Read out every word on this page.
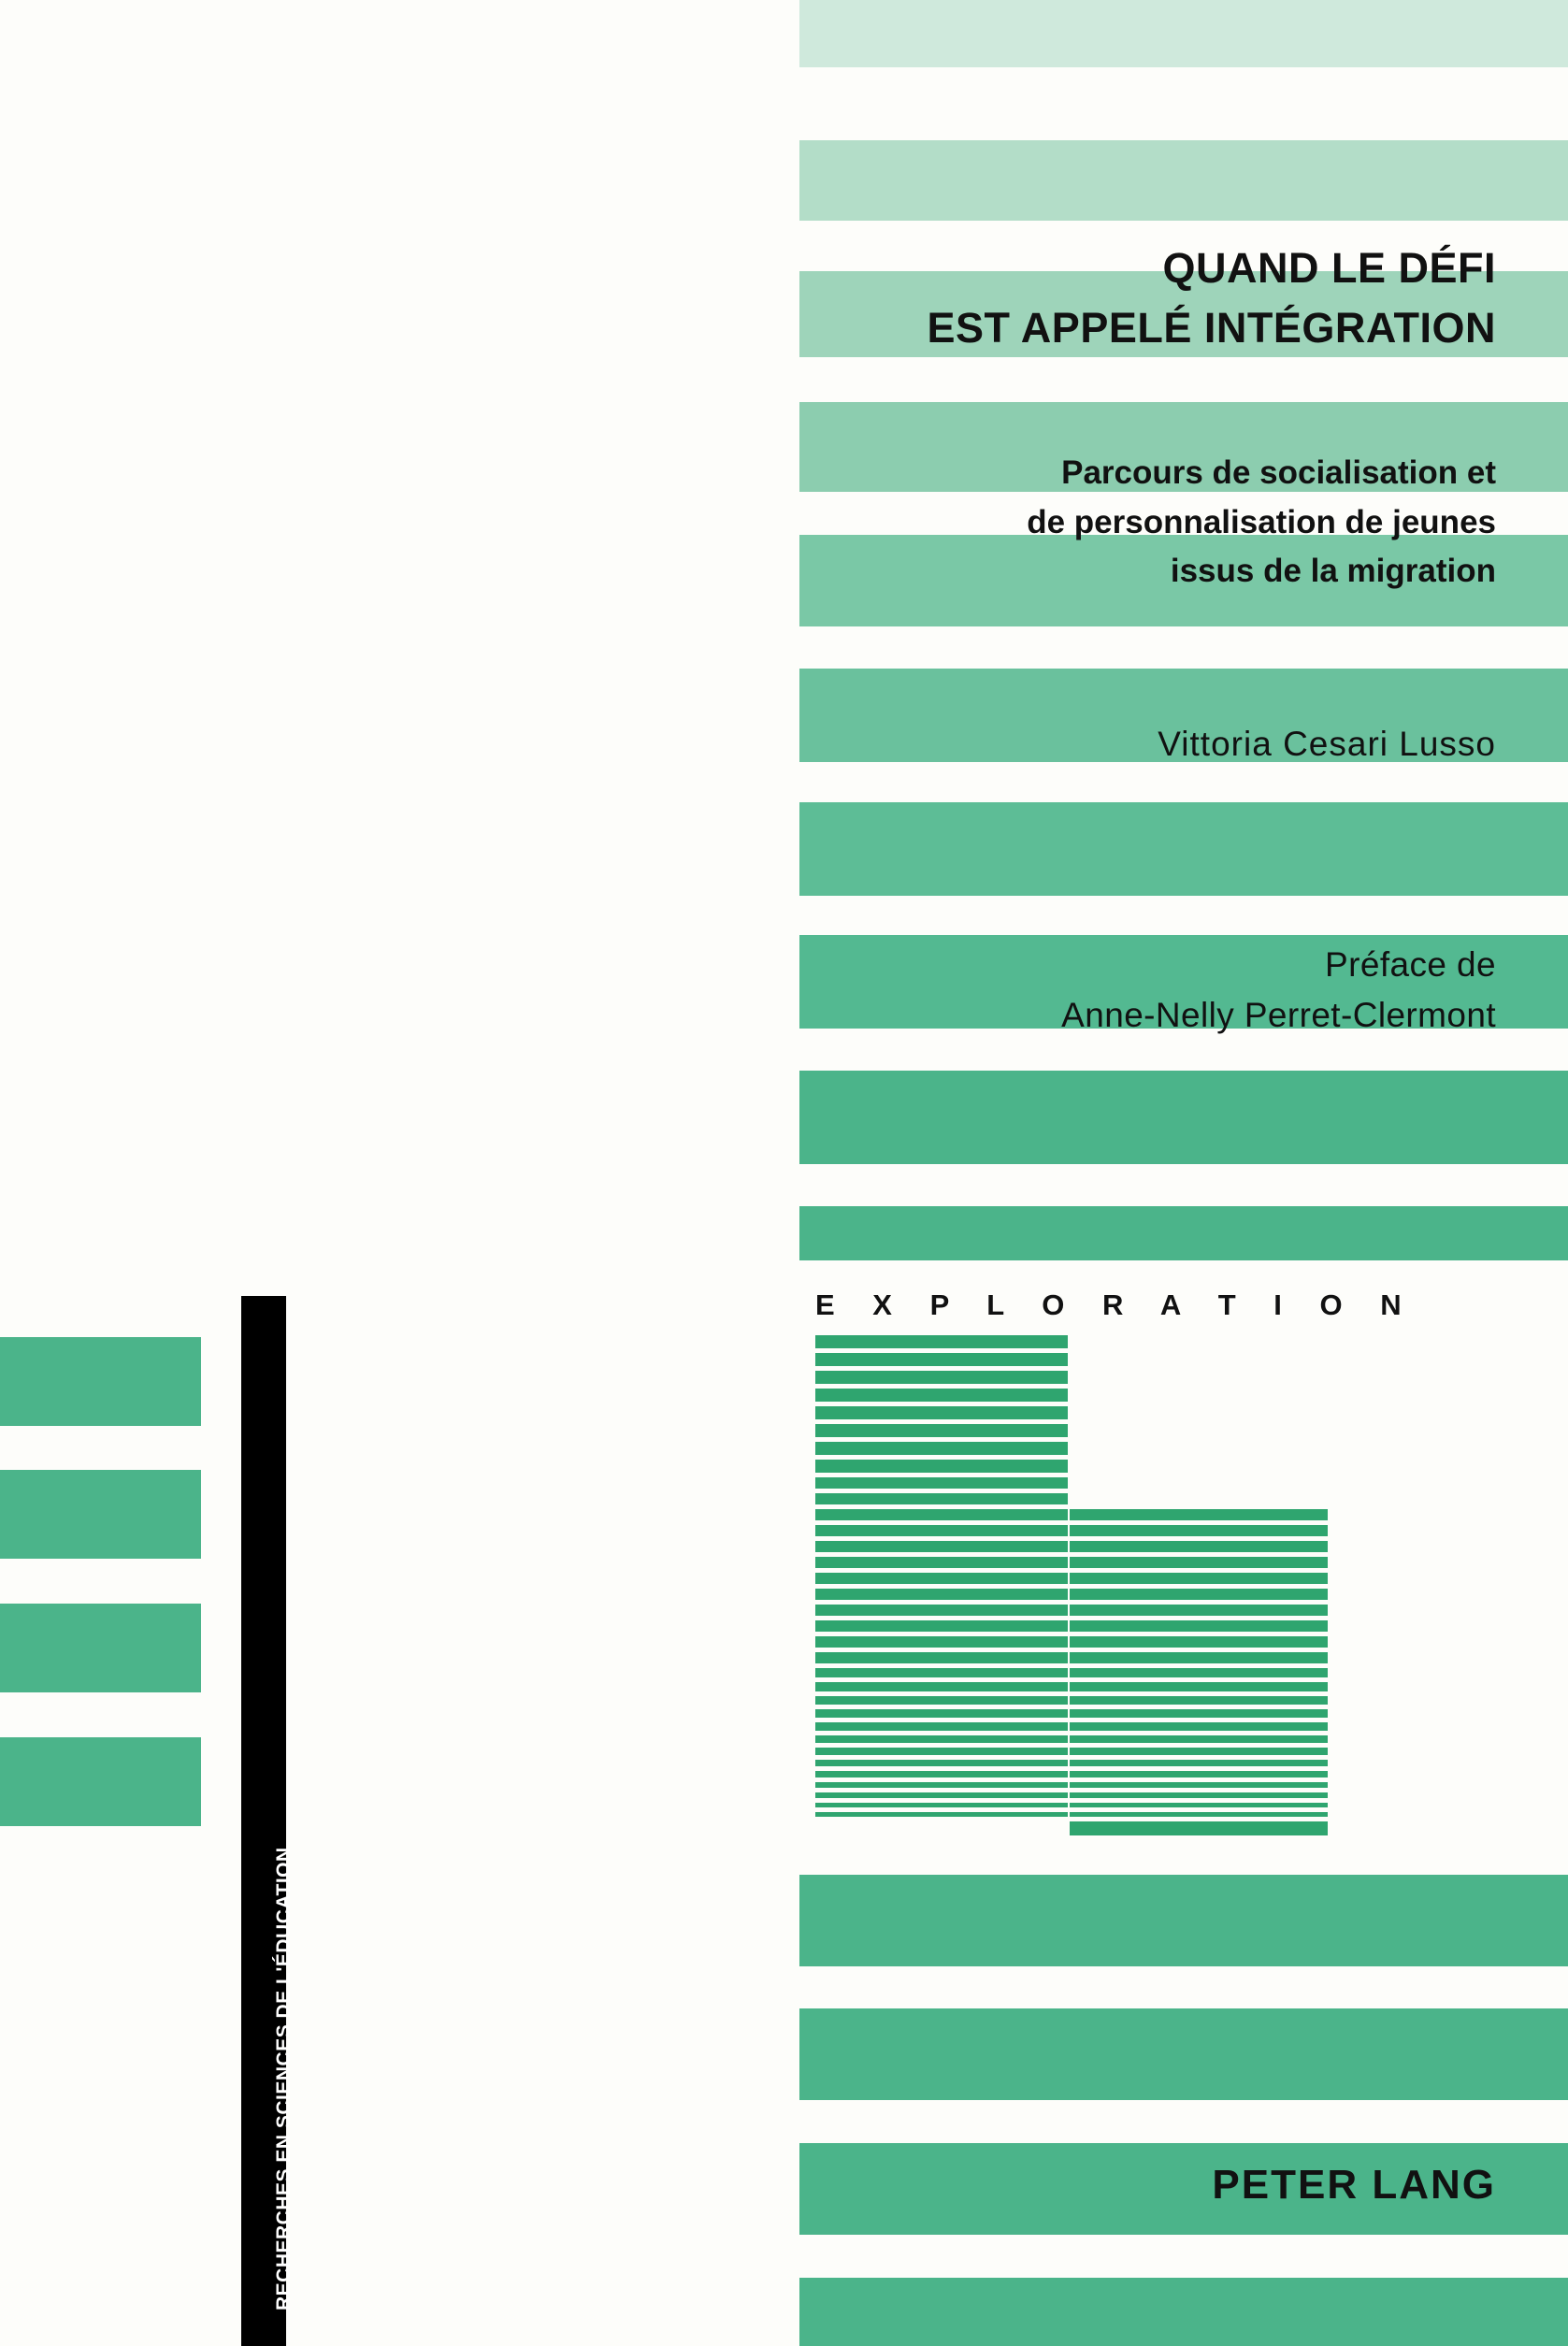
RECHERCHES EN SCIENCES DE L'ÉDUCATION
QUAND LE DÉFI
EST APPELÉ INTÉGRATION
Parcours de socialisation et
de personnalisation de jeunes
issus de la migration
Vittoria Cesari Lusso
Préface de
Anne-Nelly Perret-Clermont
E X P L O R A T I O N
PETER LANG
